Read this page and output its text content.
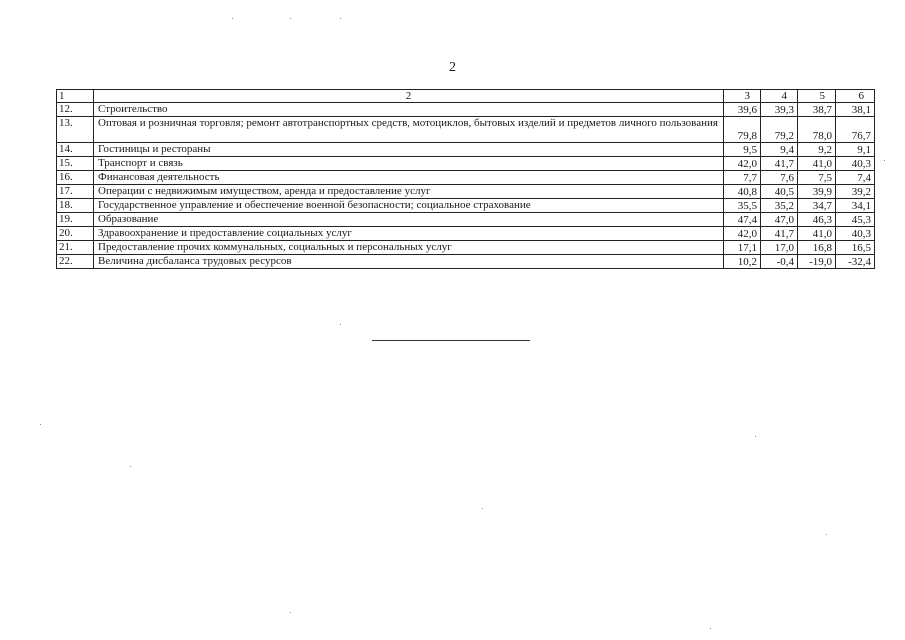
2
1	2	3	4	5	6
12.	Строительство	39,6	39,3	38,7	38,1
13.	Оптовая и розничная торговля; ремонт автотранспортных средств, мотоциклов, бытовых изделий и предметов личного пользования	79,8	79,2	78,0	76,7
14.	Гостиницы и рестораны	9,5	9,4	9,2	9,1
15.	Транспорт и связь	42,0	41,7	41,0	40,3
16.	Финансовая деятельность	7,7	7,6	7,5	7,4
17.	Операции с недвижимым имуществом, аренда и предоставление услуг	40,8	40,5	39,9	39,2
18.	Государственное управление и обеспечение военной безопасности; социальное страхование	35,5	35,2	34,7	34,1
19.	Образование	47,4	47,0	46,3	45,3
20.	Здравоохранение и предоставление социальных услуг	42,0	41,7	41,0	40,3
21.	Предоставление прочих коммунальных, социальных и персональных услуг	17,1	17,0	16,8	16,5
22.	Величина дисбаланса трудовых ресурсов	10,2	-0,4	-19,0	-32,4
